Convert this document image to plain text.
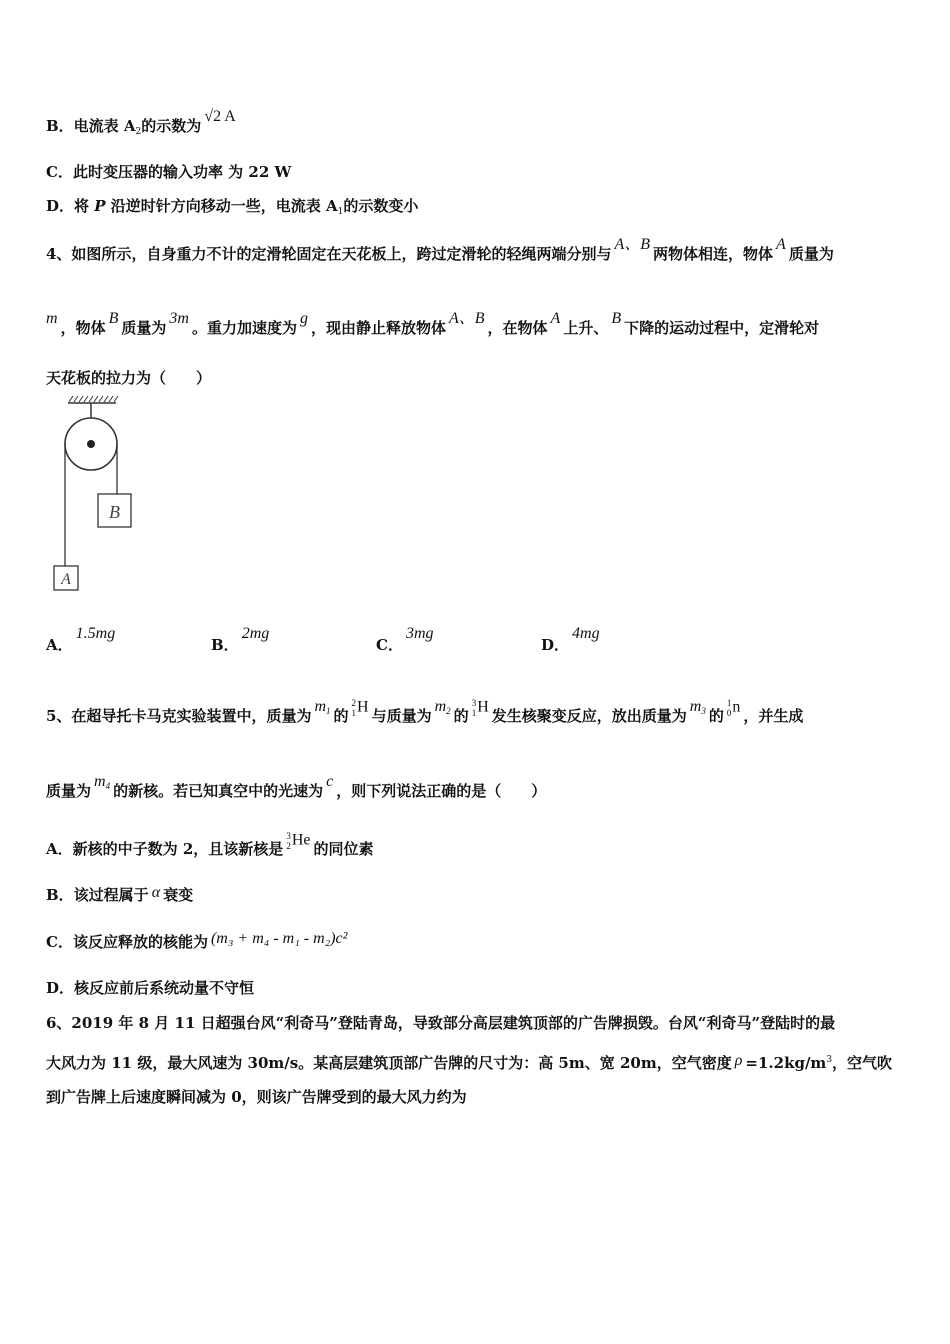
B．电流表 $A_2$的示数为√2 A
C．此时变压器的输入功率 为 22 W
D．将 P 沿逆时针方向移动一些，电流表 $A_1$的示数变小
4、如图所示，自身重力不计的定滑轮固定在天花板上，跨过定滑轮的轻绳两端分别与A、B两物体相连，物体A质量为
m，物体B质量为3m。重力加速度为g，现由静止释放物体A、B，在物体A上升、B下降的运动过程中，定滑轮对
天花板的拉力为（　　）
B
A
A．1.5mg
B．2mg
C．3mg
D．4mg
5、在超导托卡马克实验装置中，质量为$m_1$ 的2
1H 与质量为$m_2$ 的3
1H 发生核聚变反应，放出质量为$m_3$ 的1
0n ，并生成
质量为$m_4$ 的新核。若已知真空中的光速为c，则下列说法正确的是（　　）
A．新核的中子数为 2，且该新核是3
2He 的同位素
B．该过程属于 α 衰变
C．该反应释放的核能为 (m₃ + m₄ - m₁ - m₂)c²
D．核反应前后系统动量不守恒
6、2019 年 8 月 11 日超强台风“利奇马”登陆青岛，导致部分高层建筑顶部的广告牌损毁。台风“利奇马”登陆时的最
大风力为 11 级，最大风速为 30m/s。某高层建筑顶部广告牌的尺寸为：高 5m、宽 20m，空气密度 $\rho =1.2kg/m^3$，空气吹
到广告牌上后速度瞬间减为 0，则该广告牌受到的最大风力约为
